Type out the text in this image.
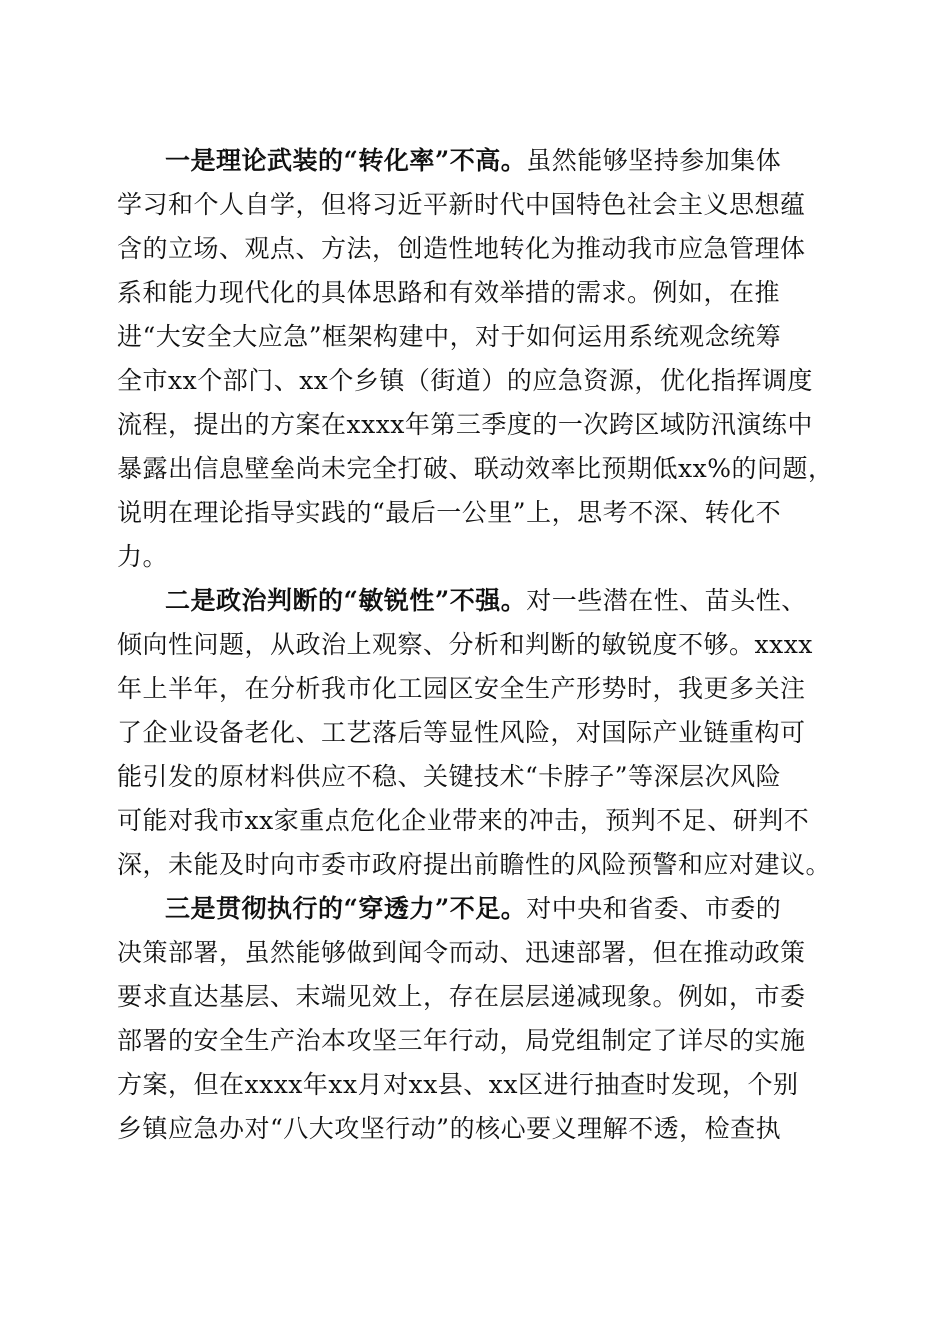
一是理论武装的“转化率”不高。虽然能够坚持参加集体
学习和个人自学，但将习近平新时代中国特色社会主义思想蕴
含的立场、观点、方法，创造性地转化为推动我市应急管理体
系和能力现代化的具体思路和有效举措的需求。例如，在推
进“大安全大应急”框架构建中，对于如何运用系统观念统筹
全市xx个部门、xx个乡镇（街道）的应急资源，优化指挥调度
流程，提出的方案在xxxx年第三季度的一次跨区域防汛演练中
暴露出信息壁垒尚未完全打破、联动效率比预期低xx%的问题，
说明在理论指导实践的“最后一公里”上，思考不深、转化不
力。
二是政治判断的“敏锐性”不强。对一些潜在性、苗头性、
倾向性问题，从政治上观察、分析和判断的敏锐度不够。xxxx
年上半年，在分析我市化工园区安全生产形势时，我更多关注
了企业设备老化、工艺落后等显性风险，对国际产业链重构可
能引发的原材料供应不稳、关键技术“卡脖子”等深层次风险
可能对我市xx家重点危化企业带来的冲击，预判不足、研判不
深，未能及时向市委市政府提出前瞻性的风险预警和应对建议。
三是贯彻执行的“穿透力”不足。对中央和省委、市委的
决策部署，虽然能够做到闻令而动、迅速部署，但在推动政策
要求直达基层、末端见效上，存在层层递减现象。例如，市委
部署的安全生产治本攻坚三年行动，局党组制定了详尽的实施
方案，但在xxxx年xx月对xx县、xx区进行抽查时发现，个别
乡镇应急办对“八大攻坚行动”的核心要义理解不透，检查执
